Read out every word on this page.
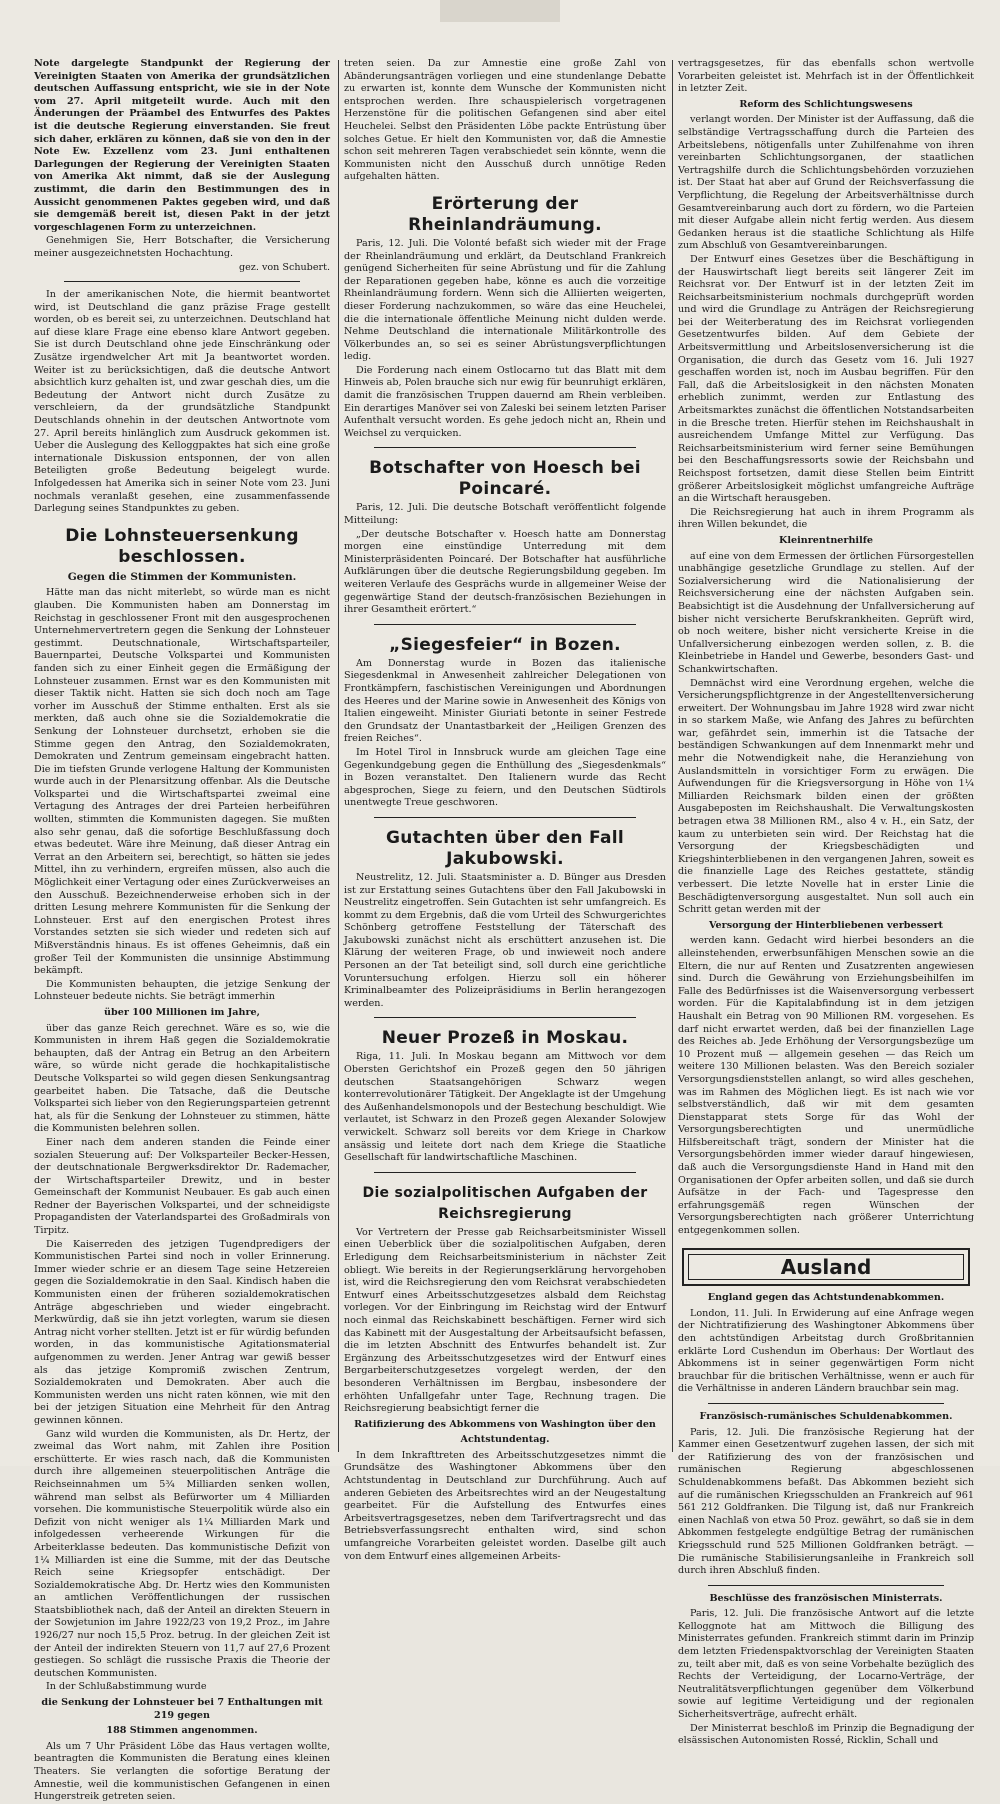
Note dargelegte Standpunkt der Regierung der Vereinigten Staaten von Amerika der grundsätzlichen deutschen Auffassung entspricht, wie sie in der Note vom 27. April mitgeteilt wurde. Auch mit den Änderungen der Präambel des Entwurfes des Paktes ist die deutsche Regierung einverstanden. Sie freut sich daher, erklären zu können, daß sie von den in der Note Ew. Exzellenz vom 23. Juni enthaltenen Darlegungen der Regierung der Vereinigten Staaten von Amerika Akt nimmt, daß sie der Auslegung zustimmt, die darin den Bestimmungen des in Aussicht genommenen Paktes gegeben wird, und daß sie demgemäß bereit ist, diesen Pakt in der jetzt vorgeschlagenen Form zu unterzeichnen.

Genehmigen Sie, Herr Botschafter, die Versicherung meiner ausgezeichnetsten Hochachtung.

gez. von Schubert.

In der amerikanischen Note, die hiermit beantwortet wird, ist Deutschland die ganz präzise Frage gestellt worden, ob es bereit sei, zu unterzeichnen. Deutschland hat auf diese klare Frage eine ebenso klare Antwort gegeben. Sie ist durch Deutschland ohne jede Einschränkung oder Zusätze irgendwelcher Art mit Ja beantwortet worden. Weiter ist zu berücksichtigen, daß die deutsche Antwort absichtlich kurz gehalten ist, und zwar geschah dies, um die Bedeutung der Antwort nicht durch Zusätze zu verschleiern, da der grundsätzliche Standpunkt Deutschlands ohnehin in der deutschen Antwortnote vom 27. April bereits hinlänglich zum Ausdruck gekommen ist. Ueber die Auslegung des Kelloggpaktes hat sich eine große internationale Diskussion entsponnen, der von allen Beteiligten große Bedeutung beigelegt wurde. Infolgedessen hat Amerika sich in seiner Note vom 23. Juni nochmals veranlaßt gesehen, eine zusammenfassende Darlegung seines Standpunktes zu geben.

Die Lohnsteuersenkung beschlossen.
Gegen die Stimmen der Kommunisten.

Hätte man das nicht miterlebt, so würde man es nicht glauben. Die Kommunisten haben am Donnerstag im Reichstag in geschlossener Front mit den ausgesprochenen Unternehmervertretern gegen die Senkung der Lohnsteuer gestimmt. Deutschnationale, Wirtschaftsparteiler, Bauernpartei, Deutsche Volkspartei und Kommunisten fanden sich zu einer Einheit gegen die Ermäßigung der Lohnsteuer zusammen. Ernst war es den Kommunisten mit dieser Taktik nicht. Hatten sie sich doch noch am Tage vorher im Ausschuß der Stimme enthalten. Erst als sie merkten, daß auch ohne sie die Sozialdemokratie die Senkung der Lohnsteuer durchsetzt, erhoben sie die Stimme gegen den Antrag, den Sozialdemokraten, Demokraten und Zentrum gemeinsam eingebracht hatten. Die im tiefsten Grunde verlogene Haltung der Kommunisten wurde auch in der Plenarsitzung offenbar. Als die Deutsche Volkspartei und die Wirtschaftspartei zweimal eine Vertagung des Antrages der drei Parteien herbeiführen wollten, stimmten die Kommunisten dagegen. Sie mußten also sehr genau, daß die sofortige Beschlußfassung doch etwas bedeutet. Wäre ihre Meinung, daß dieser Antrag ein Verrat an den Arbeitern sei, berechtigt, so hätten sie jedes Mittel, ihn zu verhindern, ergreifen müssen, also auch die Möglichkeit einer Vertagung oder eines Zurückverweises an den Ausschuß. Bezeichnenderweise erhoben sich in der dritten Lesung mehrere Kommunisten für die Senkung der Lohnsteuer. Erst auf den energischen Protest ihres Vorstandes setzten sie sich wieder und redeten sich auf Mißverständnis hinaus. Es ist offenes Geheimnis, daß ein großer Teil der Kommunisten die unsinnige Abstimmung bekämpft.

Die Kommunisten behaupten, die jetzige Senkung der Lohnsteuer bedeute nichts. Sie beträgt immerhin

über 100 Millionen im Jahre,

über das ganze Reich gerechnet. Wäre es so, wie die Kommunisten in ihrem Haß gegen die Sozialdemokratie behaupten, daß der Antrag ein Betrug an den Arbeitern wäre, so würde nicht gerade die hochkapitalistische Deutsche Volkspartei so wild gegen diesen Senkungsantrag gearbeitet haben. Die Tatsache, daß die Deutsche Volkspartei sich lieber von den Regierungsparteien getrennt hat, als für die Senkung der Lohnsteuer zu stimmen, hätte die Kommunisten belehren sollen.

Einer nach dem anderen standen die Feinde einer sozialen Steuerung auf: Der Volksparteiler Becker-Hessen, der deutschnationale Bergwerksdirektor Dr. Rademacher, der Wirtschaftsparteiler Drewitz, und in bester Gemeinschaft der Kommunist Neubauer. Es gab auch einen Redner der Bayerischen Volkspartei, und der schneidigste Propagandisten der Vaterlandspartei des Großadmirals von Tirpitz.

Die Kaiserreden des jetzigen Tugendpredigers der Kommunistischen Partei sind noch in voller Erinnerung. Immer wieder schrie er an diesem Tage seine Hetzereien gegen die Sozialdemokratie in den Saal. Kindisch haben die Kommunisten einen der früheren sozialdemokratischen Anträge abgeschrieben und wieder eingebracht. Merkwürdig, daß sie ihn jetzt vorlegten, warum sie diesen Antrag nicht vorher stellten. Jetzt ist er für würdig befunden worden, in das kommunistische Agitationsmaterial aufgenommen zu werden. Jener Antrag war gewiß besser als das jetzige Kompromiß zwischen Zentrum, Sozialdemokraten und Demokraten. Aber auch die Kommunisten werden uns nicht raten können, wie mit den bei der jetzigen Situation eine Mehrheit für den Antrag gewinnen können.

Ganz wild wurden die Kommunisten, als Dr. Hertz, der zweimal das Wort nahm, mit Zahlen ihre Position erschütterte. Er wies rasch nach, daß die Kommunisten durch ihre allgemeinen steuerpolitischen Anträge die Reichseinnahmen um 5¾ Milliarden senken wollen, während man selbst als Befürworter um 4 Milliarden vorsehen. Die kommunistische Steuerpolitik würde also ein Defizit von nicht weniger als 1¼ Milliarden Mark und infolgedessen verheerende Wirkungen für die Arbeiterklasse bedeuten. Das kommunistische Defizit von 1¼ Milliarden ist eine die Summe, mit der das Deutsche Reich seine Kriegsopfer entschädigt. Der Sozialdemokratische Abg. Dr. Hertz wies den Kommunisten an amtlichen Veröffentlichungen der russischen Staatsbibliothek nach, daß der Anteil an direkten Steuern in der Sowjetunion im Jahre 1922/23 von 19,2 Proz., im Jahre 1926/27 nur noch 15,5 Proz. betrug. In der gleichen Zeit ist der Anteil der indirekten Steuern von 11,7 auf 27,6 Prozent gestiegen. So schlägt die russische Praxis die Theorie der deutschen Kommunisten.

In der Schlußabstimmung wurde

die Senkung der Lohnsteuer bei 7 Enthaltungen mit 219 gegen

188 Stimmen angenommen.

Als um 7 Uhr Präsident Löbe das Haus vertagen wollte, beantragten die Kommunisten die Beratung eines kleinen Theaters. Sie verlangten die sofortige Beratung der Amnestie, weil die kommunistischen Gefangenen in einen Hungerstreik getreten seien.

treten seien. Da zur Amnestie eine große Zahl von Abänderungsanträgen vorliegen und eine stundenlange Debatte zu erwarten ist, konnte dem Wunsche der Kommunisten nicht entsprochen werden. Ihre schauspielerisch vorgetragenen Herzenstöne für die politischen Gefangenen sind aber eitel Heuchelei. Selbst den Präsidenten Löbe packte Entrüstung über solches Getue. Er hielt den Kommunisten vor, daß die Amnestie schon seit mehreren Tagen verabschiedet sein könnte, wenn die Kommunisten nicht den Ausschuß durch unnötige Reden aufgehalten hätten.

Erörterung der Rheinlandräumung.

Paris, 12. Juli. Die Volonté befaßt sich wieder mit der Frage der Rheinlandräumung und erklärt, da Deutschland Frankreich genügend Sicherheiten für seine Abrüstung und für die Zahlung der Reparationen gegeben habe, könne es auch die vorzeitige Rheinlandräumung fordern. Wenn sich die Alliierten weigerten, dieser Forderung nachzukommen, so wäre das eine Heuchelei, die die internationale öffentliche Meinung nicht dulden werde. Nehme Deutschland die internationale Militärkontrolle des Völkerbundes an, so sei es seiner Abrüstungsverpflichtungen ledig.

Die Forderung nach einem Ostlocarno tut das Blatt mit dem Hinweis ab, Polen brauche sich nur ewig für beunruhigt erklären, damit die französischen Truppen dauernd am Rhein verbleiben. Ein derartiges Manöver sei von Zaleski bei seinem letzten Pariser Aufenthalt versucht worden. Es gehe jedoch nicht an, Rhein und Weichsel zu verquicken.

Botschafter von Hoesch bei Poincaré.

Paris, 12. Juli. Die deutsche Botschaft veröffentlicht folgende Mitteilung:

„Der deutsche Botschafter v. Hoesch hatte am Donnerstag morgen eine einstündige Unterredung mit dem Ministerpräsidenten Poincaré. Der Botschafter hat ausführliche Aufklärungen über die deutsche Regierungsbildung gegeben. Im weiteren Verlaufe des Gesprächs wurde in allgemeiner Weise der gegenwärtige Stand der deutsch-französischen Beziehungen in ihrer Gesamtheit erörtert.“

„Siegesfeier“ in Bozen.

Am Donnerstag wurde in Bozen das italienische Siegesdenkmal in Anwesenheit zahlreicher Delegationen von Frontkämpfern, faschistischen Vereinigungen und Abordnungen des Heeres und der Marine sowie in Anwesenheit des Königs von Italien eingeweiht. Minister Giuriati betonte in seiner Festrede den Grundsatz der Unantastbarkeit der „Heiligen Grenzen des freien Reiches“.

Im Hotel Tirol in Innsbruck wurde am gleichen Tage eine Gegenkundgebung gegen die Enthüllung des „Siegesdenkmals“ in Bozen veranstaltet. Den Italienern wurde das Recht abgesprochen, Siege zu feiern, und den Deutschen Südtirols unentwegte Treue geschworen.

Gutachten über den Fall Jakubowski.

Neustrelitz, 12. Juli. Staatsminister a. D. Bünger aus Dresden ist zur Erstattung seines Gutachtens über den Fall Jakubowski in Neustrelitz eingetroffen. Sein Gutachten ist sehr umfangreich. Es kommt zu dem Ergebnis, daß die vom Urteil des Schwurgerichtes Schönberg getroffene Feststellung der Täterschaft des Jakubowski zunächst nicht als erschüttert anzusehen ist. Die Klärung der weiteren Frage, ob und inwieweit noch andere Personen an der Tat beteiligt sind, soll durch eine gerichtliche Voruntersuchung erfolgen. Hierzu soll ein höherer Kriminalbeamter des Polizeipräsidiums in Berlin herangezogen werden.

Neuer Prozeß in Moskau.

Riga, 11. Juli. In Moskau begann am Mittwoch vor dem Obersten Gerichtshof ein Prozeß gegen den 50 jährigen deutschen Staatsangehörigen Schwarz wegen konterrevolutionärer Tätigkeit. Der Angeklagte ist der Umgehung des Außenhandelsmonopols und der Bestechung beschuldigt. Wie verlautet, ist Schwarz in den Prozeß gegen Alexander Solowjew verwickelt. Schwarz soll bereits vor dem Kriege in Charkow ansässig und leitete dort nach dem Kriege die Staatliche Gesellschaft für landwirtschaftliche Maschinen.

Die sozialpolitischen Aufgaben der Reichsregierung

Vor Vertretern der Presse gab Reichsarbeitsminister Wissell einen Ueberblick über die sozialpolitischen Aufgaben, deren Erledigung dem Reichsarbeitsministerium in nächster Zeit obliegt. Wie bereits in der Regierungserklärung hervorgehoben ist, wird die Reichsregierung den vom Reichsrat verabschiedeten Entwurf eines Arbeitsschutzgesetzes alsbald dem Reichstag vorlegen. Vor der Einbringung im Reichstag wird der Entwurf noch einmal das Reichskabinett beschäftigen. Ferner wird sich das Kabinett mit der Ausgestaltung der Arbeitsaufsicht befassen, die im letzten Abschnitt des Entwurfes behandelt ist. Zur Ergänzung des Arbeitsschutzgesetzes wird der Entwurf eines Bergarbeiterschutzgesetzes vorgelegt werden, der den besonderen Verhältnissen im Bergbau, insbesondere der erhöhten Unfallgefahr unter Tage, Rechnung tragen. Die Reichsregierung beabsichtigt ferner die

Ratifizierung des Abkommens von Washington über den

Achtstundentag.

In dem Inkrafttreten des Arbeitsschutzgesetzes nimmt die Grundsätze des Washingtoner Abkommens über den Achtstundentag in Deutschland zur Durchführung. Auch auf anderen Gebieten des Arbeitsrechtes wird an der Neugestaltung gearbeitet. Für die Aufstellung des Entwurfes eines Arbeitsvertragsgesetzes, neben dem Tarifvertragsrecht und das Betriebsverfassungsrecht enthalten wird, sind schon umfangreiche Vorarbeiten geleistet worden. Daselbe gilt auch von dem Entwurf eines allgemeinen Arbeits-

vertragsgesetzes, für das ebenfalls schon wertvolle Vorarbeiten geleistet ist. Mehrfach ist in der Öffentlichkeit in letzter Zeit.

Reform des Schlichtungswesens

verlangt worden. Der Minister ist der Auffassung, daß die selbständige Vertragsschaffung durch die Parteien des Arbeitslebens, nötigenfalls unter Zuhilfenahme von ihren vereinbarten Schlichtungsorganen, der staatlichen Vertragshilfe durch die Schlichtungsbehörden vorzuziehen ist. Der Staat hat aber auf Grund der Reichsverfassung die Verpflichtung, die Regelung der Arbeitsverhältnisse durch Gesamtvereinbarung auch dort zu fördern, wo die Parteien mit dieser Aufgabe allein nicht fertig werden. Aus diesem Gedanken heraus ist die staatliche Schlichtung als Hilfe zum Abschluß von Gesamtvereinbarungen.

Der Entwurf eines Gesetzes über die Beschäftigung in der Hauswirtschaft liegt bereits seit längerer Zeit im Reichsrat vor. Der Entwurf ist in der letzten Zeit im Reichsarbeitsministerium nochmals durchgeprüft worden und wird die Grundlage zu Anträgen der Reichsregierung bei der Weiterberatung des im Reichsrat vorliegenden Gesetzentwurfes bilden. Auf dem Gebiete der Arbeitsvermittlung und Arbeitslosenversicherung ist die Organisation, die durch das Gesetz vom 16. Juli 1927 geschaffen worden ist, noch im Ausbau begriffen. Für den Fall, daß die Arbeitslosigkeit in den nächsten Monaten erheblich zunimmt, werden zur Entlastung des Arbeitsmarktes zunächst die öffentlichen Notstandsarbeiten in die Bresche treten. Hierfür stehen im Reichshaushalt in ausreichendem Umfange Mittel zur Verfügung. Das Reichsarbeitsministerium wird ferner seine Bemühungen bei den Beschaffungsressorts sowie der Reichsbahn und Reichspost fortsetzen, damit diese Stellen beim Eintritt größerer Arbeitslosigkeit möglichst umfangreiche Aufträge an die Wirtschaft herausgeben.

Die Reichsregierung hat auch in ihrem Programm als ihren Willen bekundet, die

Kleinrentnerhilfe

auf eine von dem Ermessen der örtlichen Fürsorgestellen unabhängige gesetzliche Grundlage zu stellen. Auf der Sozialversicherung wird die Nationalisierung der Reichsversicherung eine der nächsten Aufgaben sein. Beabsichtigt ist die Ausdehnung der Unfallversicherung auf bisher nicht versicherte Berufskrankheiten. Geprüft wird, ob noch weitere, bisher nicht versicherte Kreise in die Unfallversicherung einbezogen werden sollen, z. B. die Kleinbetriebe in Handel und Gewerbe, besonders Gast- und Schankwirtschaften.

Demnächst wird eine Verordnung ergehen, welche die Versicherungspflichtgrenze in der Angestelltenversicherung erweitert. Der Wohnungsbau im Jahre 1928 wird zwar nicht in so starkem Maße, wie Anfang des Jahres zu befürchten war, gefährdet sein, immerhin ist die Tatsache der beständigen Schwankungen auf dem Innenmarkt mehr und mehr die Notwendigkeit nahe, die Heranziehung von Auslandsmitteln in vorsichtiger Form zu erwägen. Die Aufwendungen für die Kriegsversorgung in Höhe von 1¼ Milliarden Reichsmark bilden einen der größten Ausgabeposten im Reichshaushalt. Die Verwaltungskosten betragen etwa 38 Millionen RM., also 4 v. H., ein Satz, der kaum zu unterbieten sein wird. Der Reichstag hat die Versorgung der Kriegsbeschädigten und Kriegshinterbliebenen in den vergangenen Jahren, soweit es die finanzielle Lage des Reiches gestattete, ständig verbessert. Die letzte Novelle hat in erster Linie die Beschädigtenversorgung ausgestaltet. Nun soll auch ein Schritt getan werden mit der

Versorgung der Hinterbliebenen verbessert

werden kann. Gedacht wird hierbei besonders an die alleinstehenden, erwerbsunfähigen Menschen sowie an die Eltern, die nur auf Renten und Zusatzrenten angewiesen sind. Durch die Gewährung von Erziehungsbeihilfen im Falle des Bedürfnisses ist die Waisenversorgung verbessert worden. Für die Kapitalabfindung ist in dem jetzigen Haushalt ein Betrag von 90 Millionen RM. vorgesehen. Es darf nicht erwartet werden, daß bei der finanziellen Lage des Reiches ab. Jede Erhöhung der Versorgungsbezüge um 10 Prozent muß — allgemein gesehen — das Reich um weitere 130 Millionen belasten. Was den Bereich sozialer Versorgungsdienststellen anlangt, so wird alles geschehen, was im Rahmen des Möglichen liegt. Es ist nach wie vor selbstverständlich, daß wir mit dem gesamten Dienstapparat stets Sorge für das Wohl der Versorgungsberechtigten und unermüdliche Hilfsbereitschaft trägt, sondern der Minister hat die Versorgungsbehörden immer wieder darauf hingewiesen, daß auch die Versorgungsdienste Hand in Hand mit den Organisationen der Opfer arbeiten sollen, und daß sie durch Aufsätze in der Fach- und Tagespresse den erfahrungsgemäß regen Wünschen der Versorgungsberechtigten nach größerer Unterrichtung entgegenkommen sollen.

Ausland

England gegen das Achtstundenabkommen.

London, 11. Juli. In Erwiderung auf eine Anfrage wegen der Nichtratifizierung des Washingtoner Abkommens über den achtstündigen Arbeitstag durch Großbritannien erklärte Lord Cushendun im Oberhaus: Der Wortlaut des Abkommens ist in seiner gegenwärtigen Form nicht brauchbar für die britischen Verhältnisse, wenn er auch für die Verhältnisse in anderen Ländern brauchbar sein mag.

Französisch-rumänisches Schuldenabkommen.

Paris, 12. Juli. Die französische Regierung hat der Kammer einen Gesetzentwurf zugehen lassen, der sich mit der Ratifizierung des von der französischen und rumänischen Regierung abgeschlossenen Schuldenabkommens befaßt. Das Abkommen bezieht sich auf die rumänischen Kriegsschulden an Frankreich auf 961 561 212 Goldfranken. Die Tilgung ist, daß nur Frankreich einen Nachlaß von etwa 50 Proz. gewährt, so daß sie in dem Abkommen festgelegte endgültige Betrag der rumänischen Kriegsschuld rund 525 Millionen Goldfranken beträgt. — Die rumänische Stabilisierungsanleihe in Frankreich soll durch ihren Abschluß finden.

Beschlüsse des französischen Ministerrats.

Paris, 12. Juli. Die französische Antwort auf die letzte Kelloggnote hat am Mittwoch die Billigung des Ministerrates gefunden. Frankreich stimmt darin im Prinzip dem letzten Friedenspaktvorschlag der Vereinigten Staaten zu, teilt aber mit, daß es von seine Vorbehalte bezüglich des Rechts der Verteidigung, der Locarno-Verträge, der Neutralitätsverpflichtungen gegenüber dem Völkerbund sowie auf legitime Verteidigung und der regionalen Sicherheitsverträge, aufrecht erhält.

Der Ministerrat beschloß im Prinzip die Begnadigung der elsässischen Autonomisten Rossé, Ricklin, Schall und
